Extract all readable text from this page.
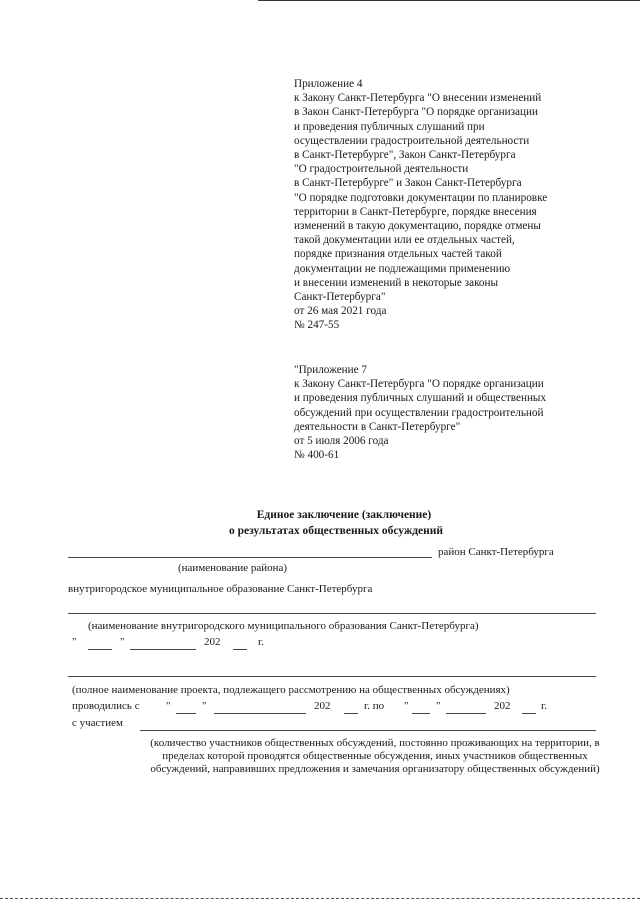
Приложение 4
к Закону Санкт-Петербурга "О внесении изменений
в Закон Санкт-Петербурга "О порядке организации
и проведения публичных слушаний при
осуществлении градостроительной деятельности
в Санкт-Петербурге", Закон Санкт-Петербурга
"О градостроительной деятельности
в Санкт-Петербурге" и Закон Санкт-Петербурга
"О порядке подготовки документации по планировке
территории в Санкт-Петербурге, порядке внесения
изменений в такую документацию, порядке отмены
такой документации или ее отдельных частей,
порядке признания отдельных частей такой
документации не подлежащими применению
и внесении изменений в некоторые законы
Санкт-Петербурга"
от 26 мая 2021 года
№ 247-55
"Приложение 7
к Закону Санкт-Петербурга "О порядке организации
и проведения публичных слушаний и общественных
обсуждений при осуществлении градостроительной
деятельности в Санкт-Петербурге"
от 5 июля 2006 года
№ 400-61
Единое заключение (заключение)
о результатах общественных обсуждений
район Санкт-Петербурга
(наименование района)
внутригородское муниципальное образование Санкт-Петербурга
(наименование внутригородского муниципального образования Санкт-Петербурга)
"	"	202	г.
(полное наименование проекта, подлежащего рассмотрению на общественных обсуждениях)
проводились с "	"	202	г. по "	"	202	г.
с участием
(количество участников общественных обсуждений, постоянно проживающих на территории, в пределах которой проводятся общественные обсуждения, иных участников общественных обсуждений, направивших предложения и замечания организатору общественных обсуждений)
